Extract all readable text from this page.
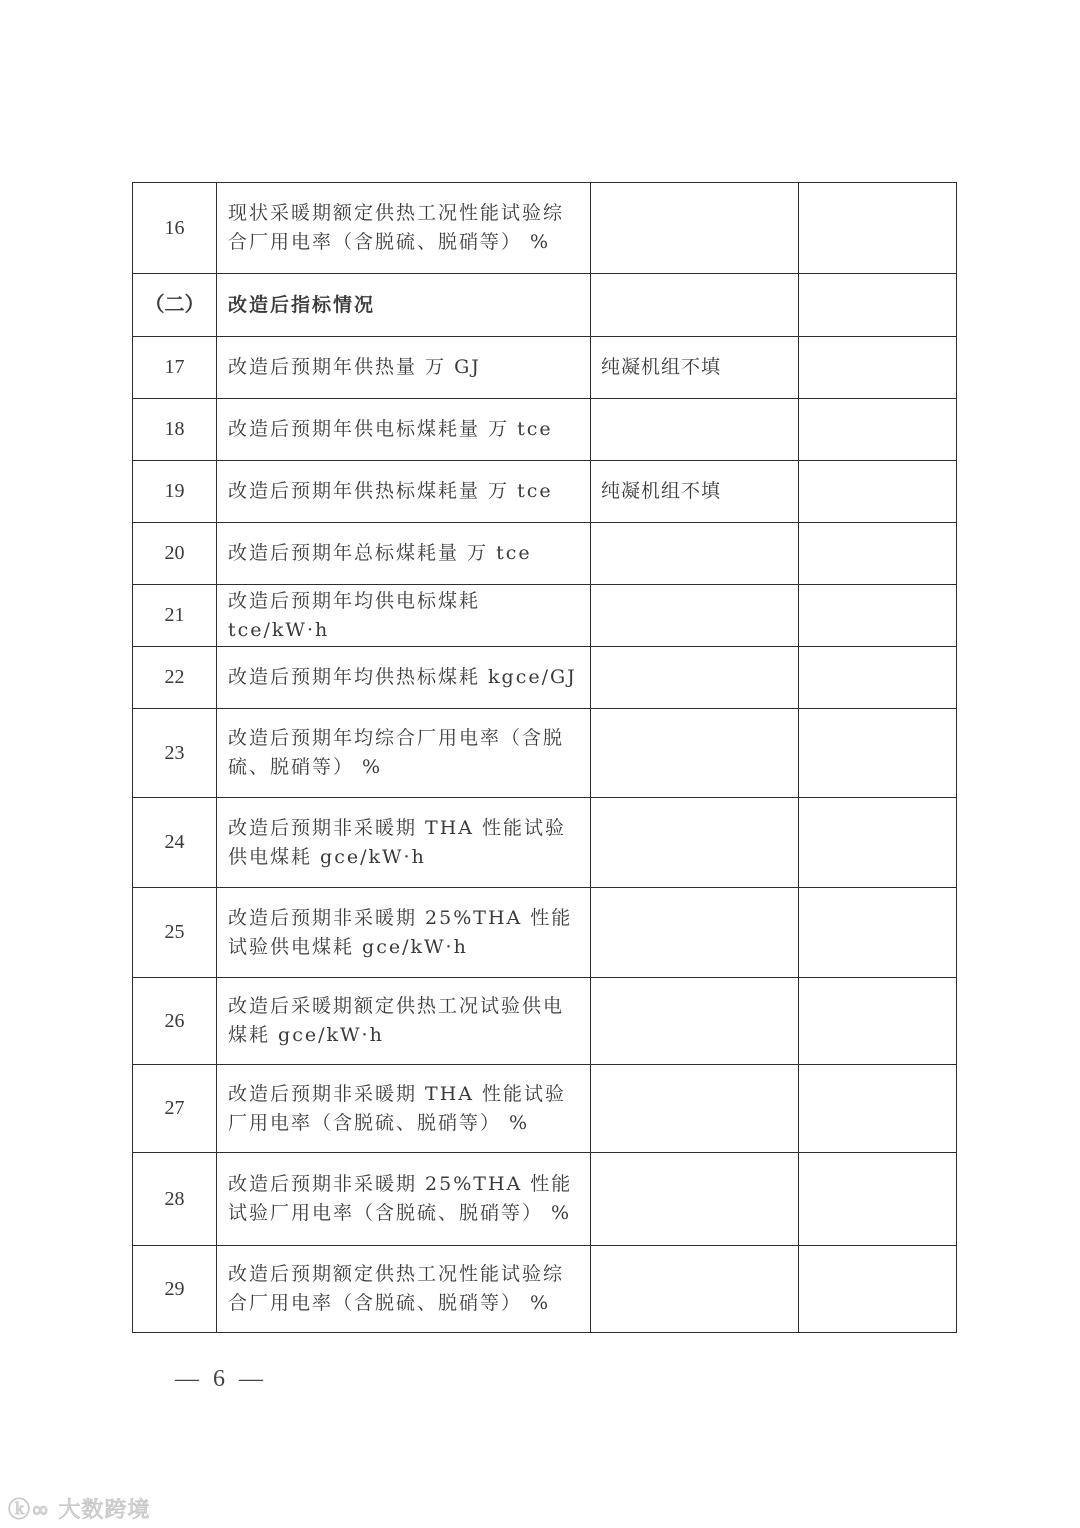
16	现状采暖期额定供热工况性能试验综合厂用电率（含脱硫、脱硝等） %		
（二）	改造后指标情况		
17	改造后预期年供热量 万 GJ	纯凝机组不填	
18	改造后预期年供电标煤耗量 万 tce		
19	改造后预期年供热标煤耗量 万 tce	纯凝机组不填	
20	改造后预期年总标煤耗量 万 tce		
21	改造后预期年均供电标煤耗 tce/kW·h		
22	改造后预期年均供热标煤耗 kgce/GJ		
23	改造后预期年均综合厂用电率（含脱硫、脱硝等） %		
24	改造后预期非采暖期 THA 性能试验供电煤耗 gce/kW·h		
25	改造后预期非采暖期 25%THA 性能试验供电煤耗 gce/kW·h		
26	改造后采暖期额定供热工况试验供电煤耗 gce/kW·h		
27	改造后预期非采暖期 THA 性能试验厂用电率（含脱硫、脱硝等） %		
28	改造后预期非采暖期 25%THA 性能试验厂用电率（含脱硫、脱硝等） %		
29	改造后预期额定供热工况性能试验综合厂用电率（含脱硫、脱硝等） %		
— 6 —
ⓚ∞ 大数跨境
